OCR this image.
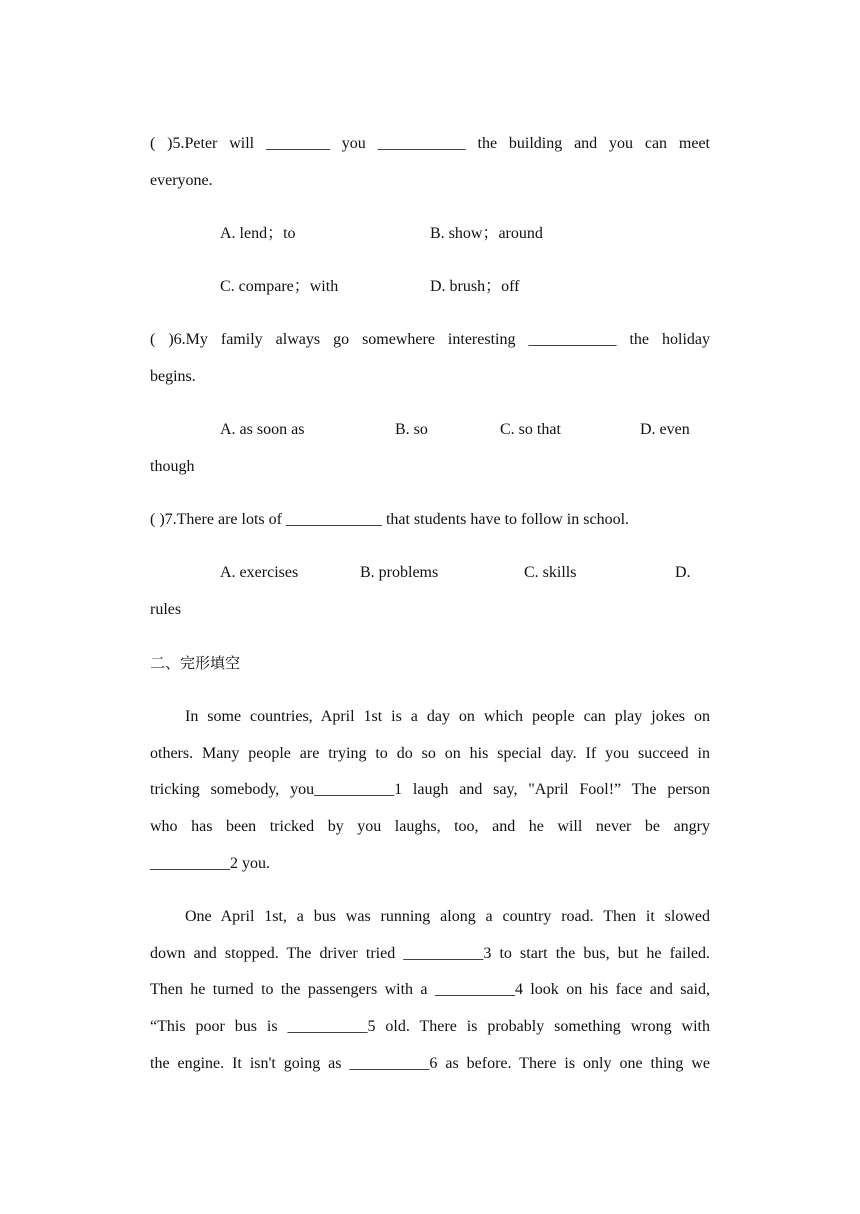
( )5.Peter will ________ you ___________ the building and you can meet
everyone.
A. lend；to	B. show；around
C. compare；with	D. brush；off
( )6.My family always go somewhere interesting ___________ the holiday
begins.
A. as soon as	B. so	C. so that	D. even
though
( )7.There are lots of ____________ that students have to follow in school.
A. exercises	B. problems	C. skills	D.
rules
二、完形填空
In some countries, April 1st is a day on which people can play jokes on
others. Many people are trying to do so on his special day. If you succeed in
tricking somebody, you__________1 laugh and say, "April Fool!” The person
who has been tricked by you laughs, too, and he will never be angry
__________2 you.
One April 1st, a bus was running along a country road. Then it slowed
down and stopped. The driver tried __________3 to start the bus, but he failed.
Then he turned to the passengers with a __________4 look on his face and said,
“This poor bus is __________5 old. There is probably something wrong with
the engine. It isn't going as __________6 as before. There is only one thing we
